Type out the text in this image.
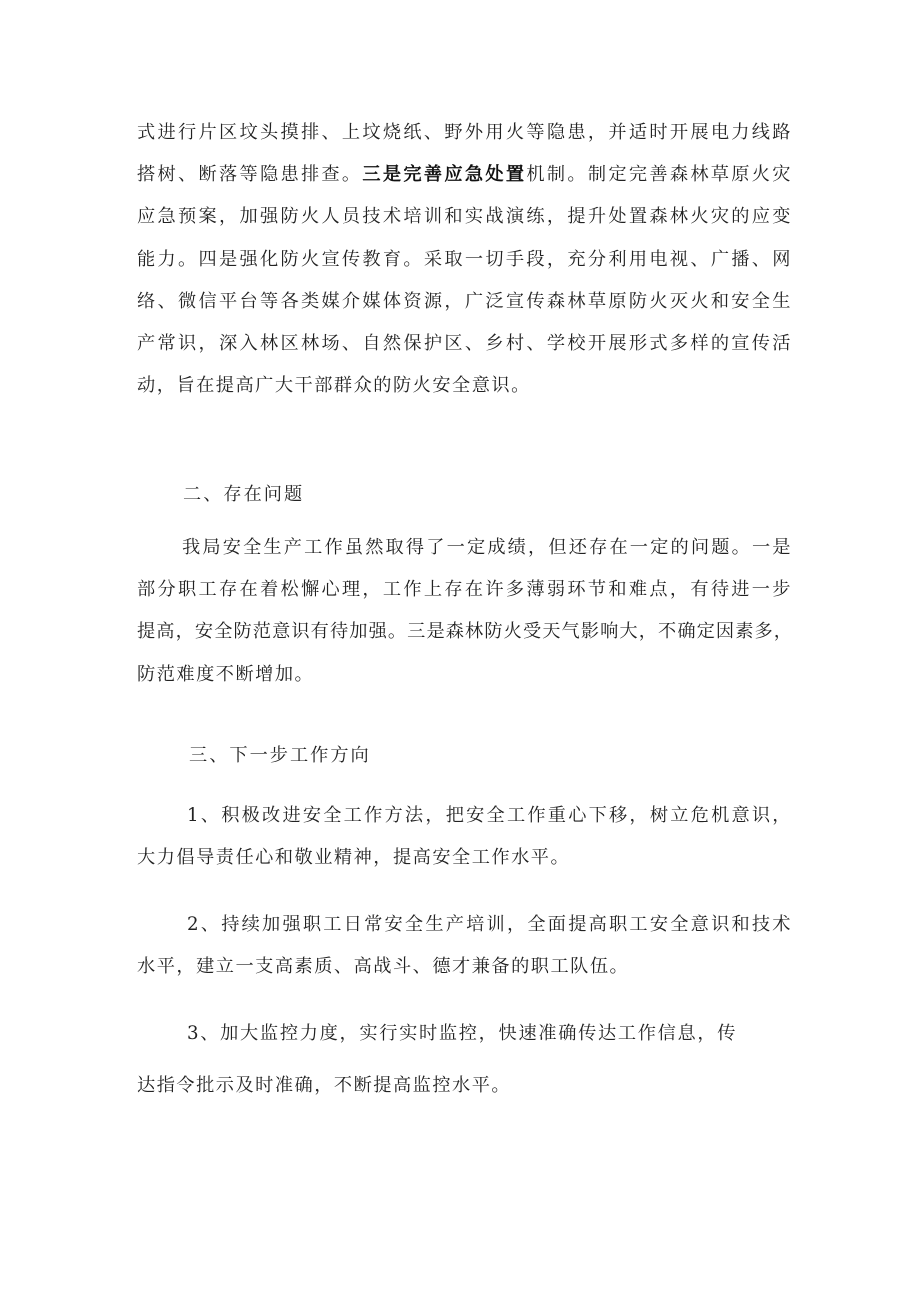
式进行片区坟头摸排、上坟烧纸、野外用火等隐患，并适时开展电力线路
搭树、断落等隐患排查。三是完善应急处置机制。制定完善森林草原火灾
应急预案，加强防火人员技术培训和实战演练，提升处置森林火灾的应变
能力。四是强化防火宣传教育。采取一切手段，充分利用电视、广播、网
络、微信平台等各类媒介媒体资源，广泛宣传森林草原防火灭火和安全生
产常识，深入林区林场、自然保护区、乡村、学校开展形式多样的宣传活
动，旨在提高广大干部群众的防火安全意识。
二、存在问题
我局安全生产工作虽然取得了一定成绩，但还存在一定的问题。一是
部分职工存在着松懈心理，工作上存在许多薄弱环节和难点，有待进一步
提高，安全防范意识有待加强。三是森林防火受天气影响大，不确定因素多，
防范难度不断增加。
三、下一步工作方向
1、积极改进安全工作方法，把安全工作重心下移，树立危机意识，
大力倡导责任心和敬业精神，提高安全工作水平。
2、持续加强职工日常安全生产培训，全面提高职工安全意识和技术
水平，建立一支高素质、高战斗、德才兼备的职工队伍。
3、加大监控力度，实行实时监控，快速准确传达工作信息，传
达指令批示及时准确，不断提高监控水平。
